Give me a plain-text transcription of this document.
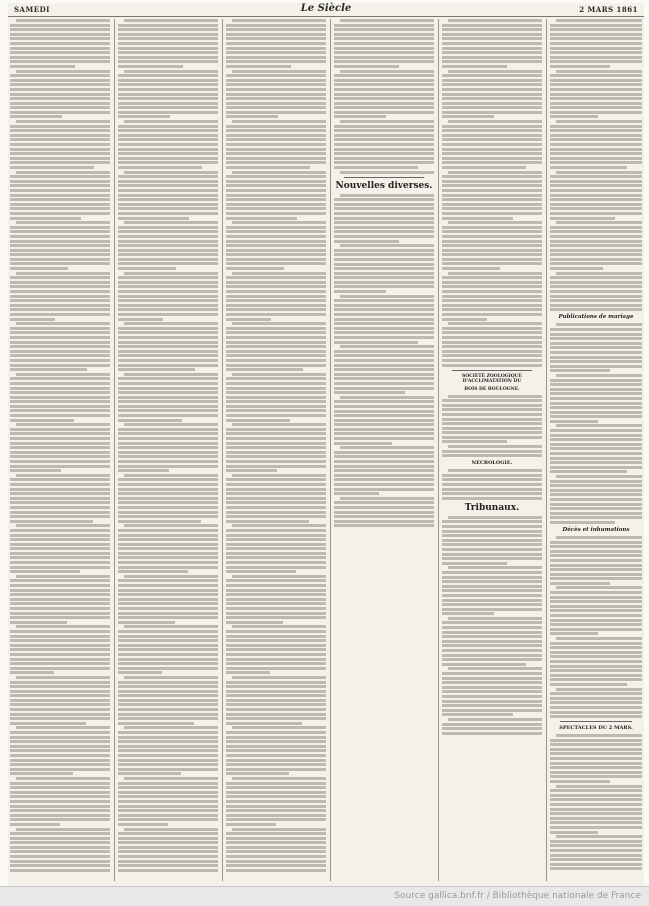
SAMEDI	Le Siècle	2 MARS 1861
Nouvelles diverses.
SOCIÉTÉ ZOOLOGIQUE D'ACCLIMATATION DU
BOIS DE BOULOGNE.
NÉCROLOGIE.
Tribunaux.
Publications de mariage
Décès et inhumations
SPECTACLES DU 2 MARS.
Source gallica.bnf.fr / Bibliothèque nationale de France
